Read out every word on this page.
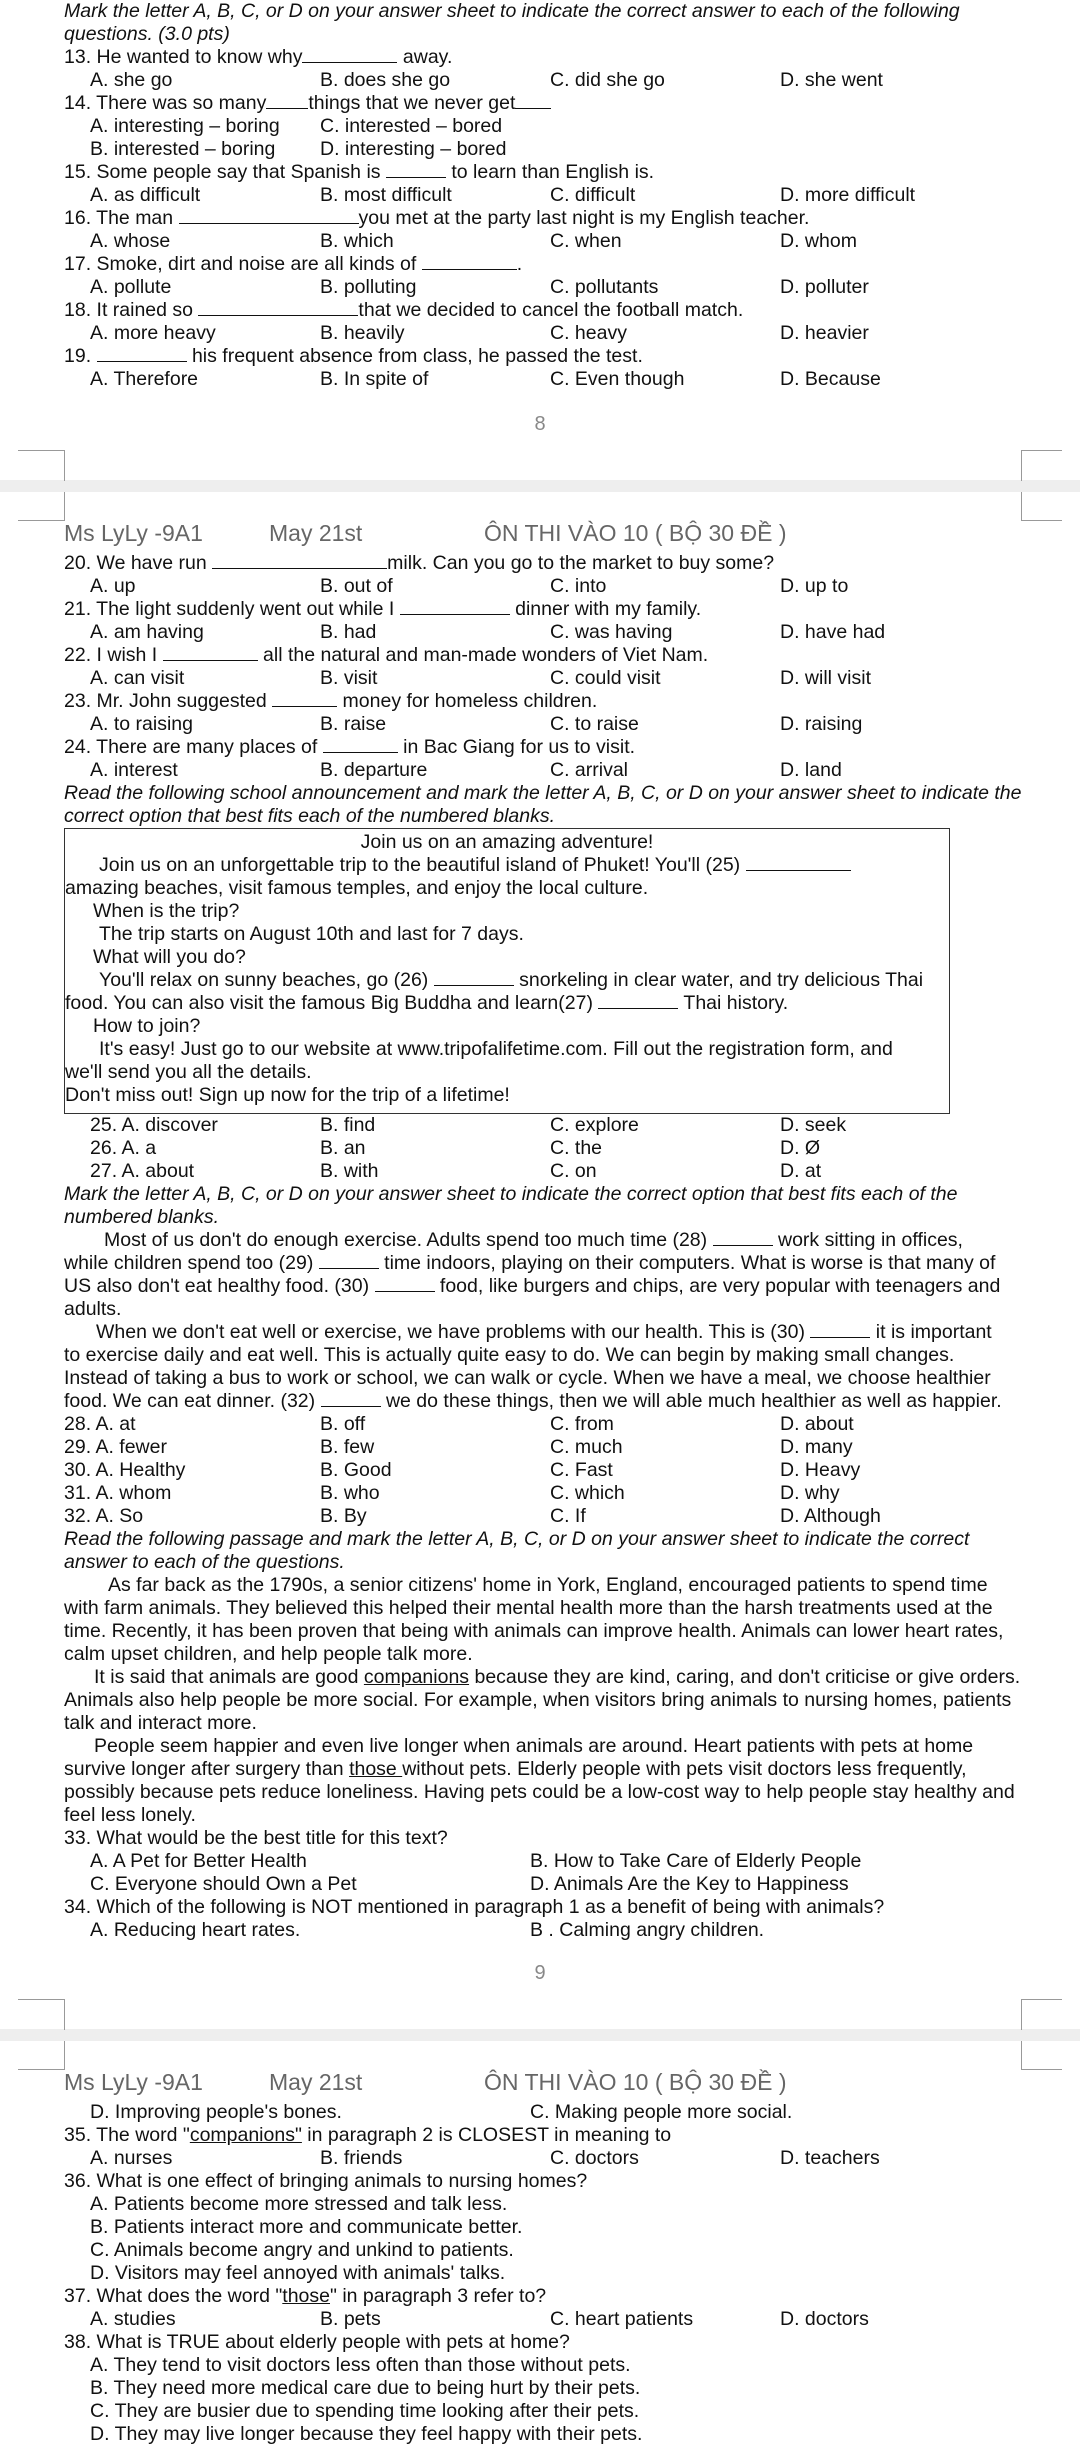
Mark the letter A, B, C, or D on your answer sheet to indicate the correct answer to each of the following questions. (3.0 pts)
13. He wanted to know why	away.
A. she go	B. does she go	C. did she go	D. she went
14. There was so many things that we never get
A. interesting – boring	C. interested – bored
B. interested – boring	D. interesting – bored
15. Some people say that Spanish is	to learn than English is.
A. as difficult	B. most difficult	C. difficult	D. more difficult
16. The man	you met at the party last night is my English teacher.
A. whose	B. which	C. when	D. whom
17. Smoke, dirt and noise are all kinds of	.
A. pollute	B. polluting	C. pollutants	D. polluter
18. It rained so	that we decided to cancel the football match.
A. more heavy	B. heavily	C. heavy	D. heavier
19.	his frequent absence from class, he passed the test.
A. Therefore	B. In spite of	C. Even though	D. Because
8
Ms LyLy -9A1	May 21st	ÔN THI VÀO 10 ( BỘ 30 ĐỀ )
20. We have run	milk. Can you go to the market to buy some?
A. up	B. out of	C. into	D. up to
21. The light suddenly went out while I	dinner with my family.
A. am having	B. had	C. was having	D. have had
22. I wish I	all the natural and man-made wonders of Viet Nam.
A. can visit	B. visit	C. could visit	D. will visit
23. Mr. John suggested	money for homeless children.
A. to raising	B. raise	C. to raise	D. raising
24. There are many places of	in Bac Giang for us to visit.
A. interest	B. departure	C. arrival	D. land
Read the following school announcement and mark the letter A, B, C, or D on your answer sheet to indicate the correct option that best fits each of the numbered blanks.
Join us on an amazing adventure!
Join us on an unforgettable trip to the beautiful island of Phuket! You'll (25)
amazing beaches, visit famous temples, and enjoy the local culture.
When is the trip?
The trip starts on August 10th and last for 7 days.
What will you do?
You'll relax on sunny beaches, go (26)	snorkeling in clear water, and try delicious Thai
food. You can also visit the famous Big Buddha and learn(27)	Thai history.
How to join?
It's easy! Just go to our website at www.tripofalifetime.com. Fill out the registration form, and
we'll send you all the details.
Don't miss out! Sign up now for the trip of a lifetime!
25. A. discover	B. find	C. explore	D. seek
26. A. a	B. an	C. the	D. Ø
27. A. about	B. with	C. on	D. at
Mark the letter A, B, C, or D on your answer sheet to indicate the correct option that best fits each of the numbered blanks.
Most of us don't do enough exercise. Adults spend too much time (28)	work sitting in offices,
while children spend too (29)	time indoors, playing on their computers. What is worse is that many of
US also don't eat healthy food. (30)	food, like burgers and chips, are very popular with teenagers and
adults.
When we don't eat well or exercise, we have problems with our health. This is (30)	it is important
to exercise daily and eat well. This is actually quite easy to do. We can begin by making small changes.
Instead of taking a bus to work or school, we can walk or cycle. When we have a meal, we choose healthier
food. We can eat dinner. (32)	we do these things, then we will able much healthier as well as happier.
28. A. at	B. off	C. from	D. about
29. A. fewer	B. few	C. much	D. many
30. A. Healthy	B. Good	C. Fast	D. Heavy
31. A. whom	B. who	C. which	D. why
32. A. So	B. By	C. If	D. Although
Read the following passage and mark the letter A, B, C, or D on your answer sheet to indicate the correct answer to each of the questions.
As far back as the 1790s, a senior citizens' home in York, England, encouraged patients to spend time with farm animals. They believed this helped their mental health more than the harsh treatments used at the time. Recently, it has been proven that being with animals can improve health. Animals can lower heart rates, calm upset children, and help people talk more.
It is said that animals are good companions because they are kind, caring, and don't criticise or give orders. Animals also help people be more social. For example, when visitors bring animals to nursing homes, patients talk and interact more.
People seem happier and even live longer when animals are around. Heart patients with pets at home survive longer after surgery than those without pets. Elderly people with pets visit doctors less frequently, possibly because pets reduce loneliness. Having pets could be a low-cost way to help people stay healthy and feel less lonely.
33. What would be the best title for this text?
A. A Pet for Better Health	B. How to Take Care of Elderly People
C. Everyone should Own a Pet	D. Animals Are the Key to Happiness
34. Which of the following is NOT mentioned in paragraph 1 as a benefit of being with animals?
A. Reducing heart rates.	B . Calming angry children.
9
Ms LyLy -9A1	May 21st	ÔN THI VÀO 10 ( BỘ 30 ĐỀ )
D. Improving people's bones.	C. Making people more social.
35. The word "companions" in paragraph 2 is CLOSEST in meaning to
A. nurses	B. friends	C. doctors	D. teachers
36. What is one effect of bringing animals to nursing homes?
A. Patients become more stressed and talk less.
B. Patients interact more and communicate better.
C. Animals become angry and unkind to patients.
D. Visitors may feel annoyed with animals' talks.
37. What does the word "those" in paragraph 3 refer to?
A. studies	B. pets	C. heart patients	D. doctors
38. What is TRUE about elderly people with pets at home?
A. They tend to visit doctors less often than those without pets.
B. They need more medical care due to being hurt by their pets.
C. They are busier due to spending time looking after their pets.
D. They may live longer because they feel happy with their pets.
